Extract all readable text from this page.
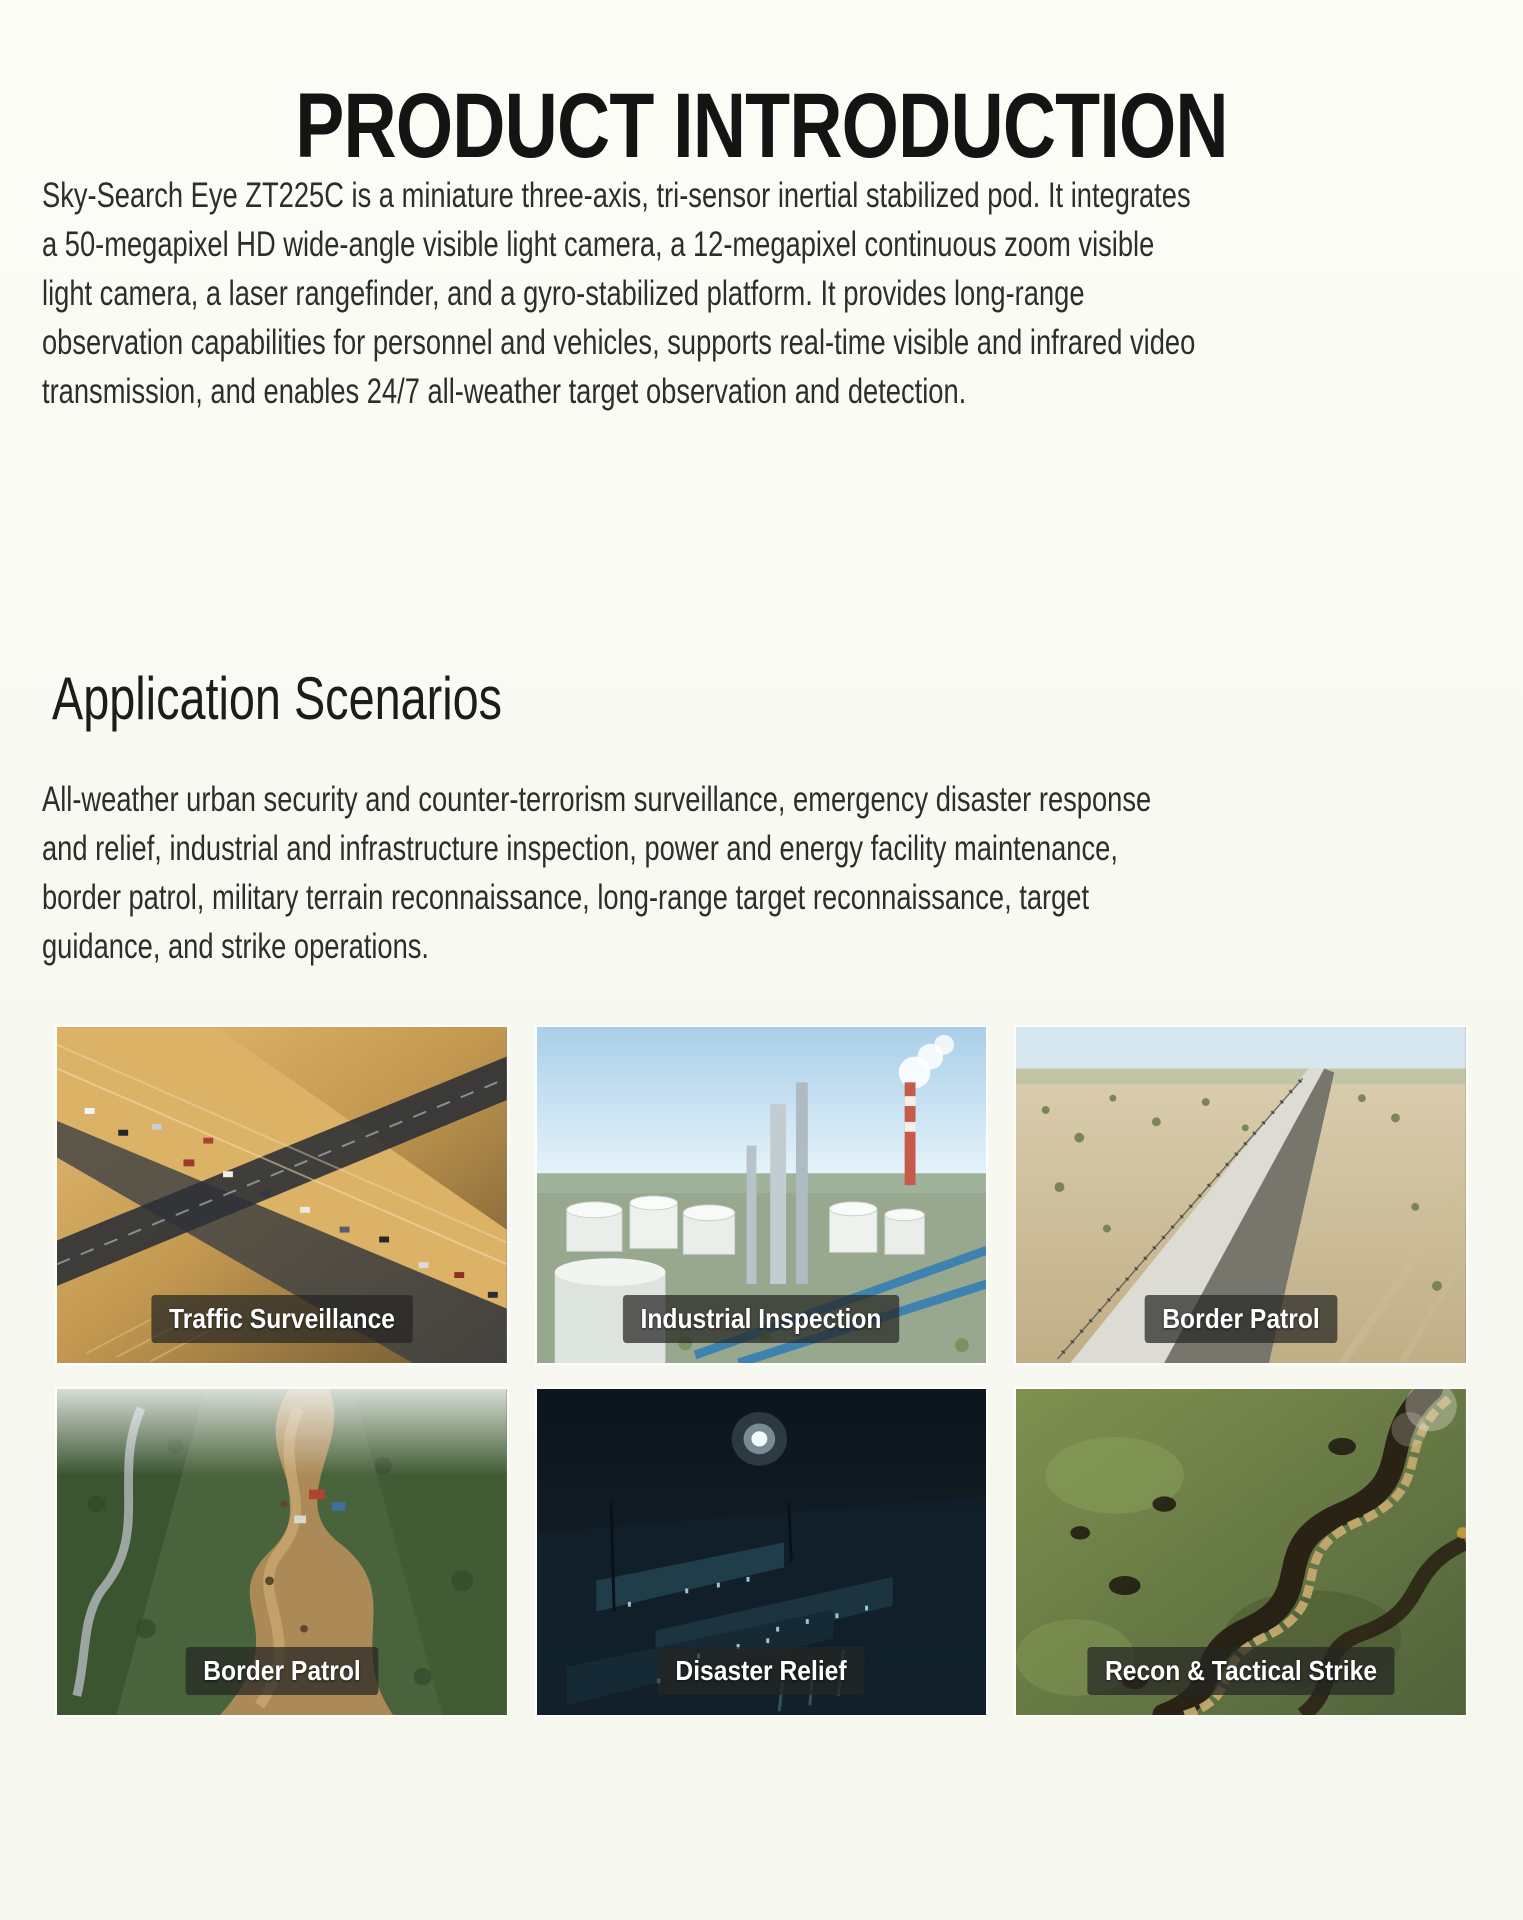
PRODUCT INTRODUCTION

Sky-Search Eye ZT225C is a miniature three-axis, tri-sensor inertial stabilized pod. It integrates a 50-megapixel HD wide-angle visible light camera, a 12-megapixel continuous zoom visible light camera, a laser rangefinder, and a gyro-stabilized platform. It provides long-range observation capabilities for personnel and vehicles, supports real-time visible and infrared video transmission, and enables 24/7 all-weather target observation and detection.

Application Scenarios

All-weather urban security and counter-terrorism surveillance, emergency disaster response and relief, industrial and infrastructure inspection, power and energy facility maintenance, border patrol, military terrain reconnaissance, long-range target reconnaissance, target guidance, and strike operations.

Traffic Surveillance	Industrial Inspection	Border Patrol
Border Patrol	Disaster Relief	Recon & Tactical Strike
